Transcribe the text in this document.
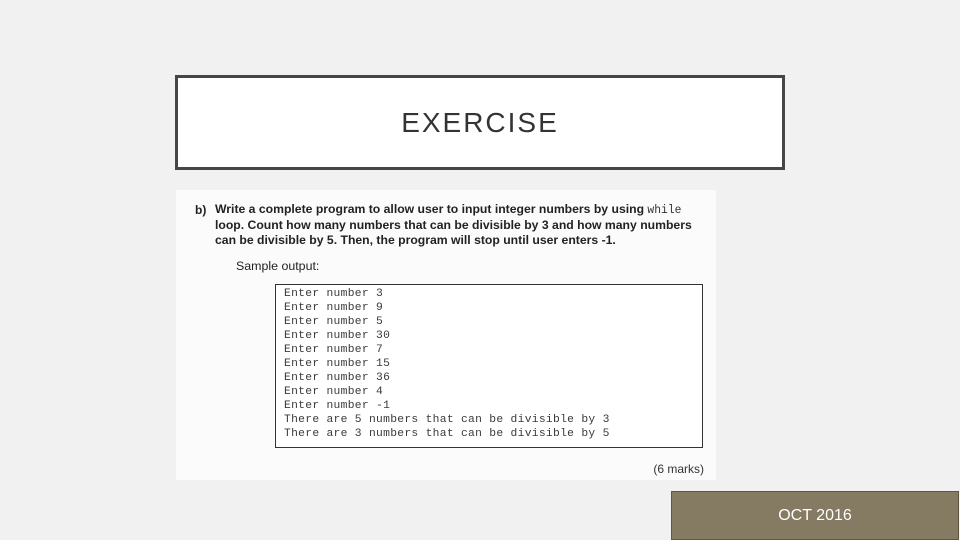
EXERCISE
b) Write a complete program to allow user to input integer numbers by using while loop. Count how many numbers that can be divisible by 3 and how many numbers can be divisible by 5. Then, the program will stop until user enters -1.
Sample output:
Enter number 3
Enter number 9
Enter number 5
Enter number 30
Enter number 7
Enter number 15
Enter number 36
Enter number 4
Enter number -1
There are 5 numbers that can be divisible by 3
There are 3 numbers that can be divisible by 5
(6 marks)
OCT 2016
